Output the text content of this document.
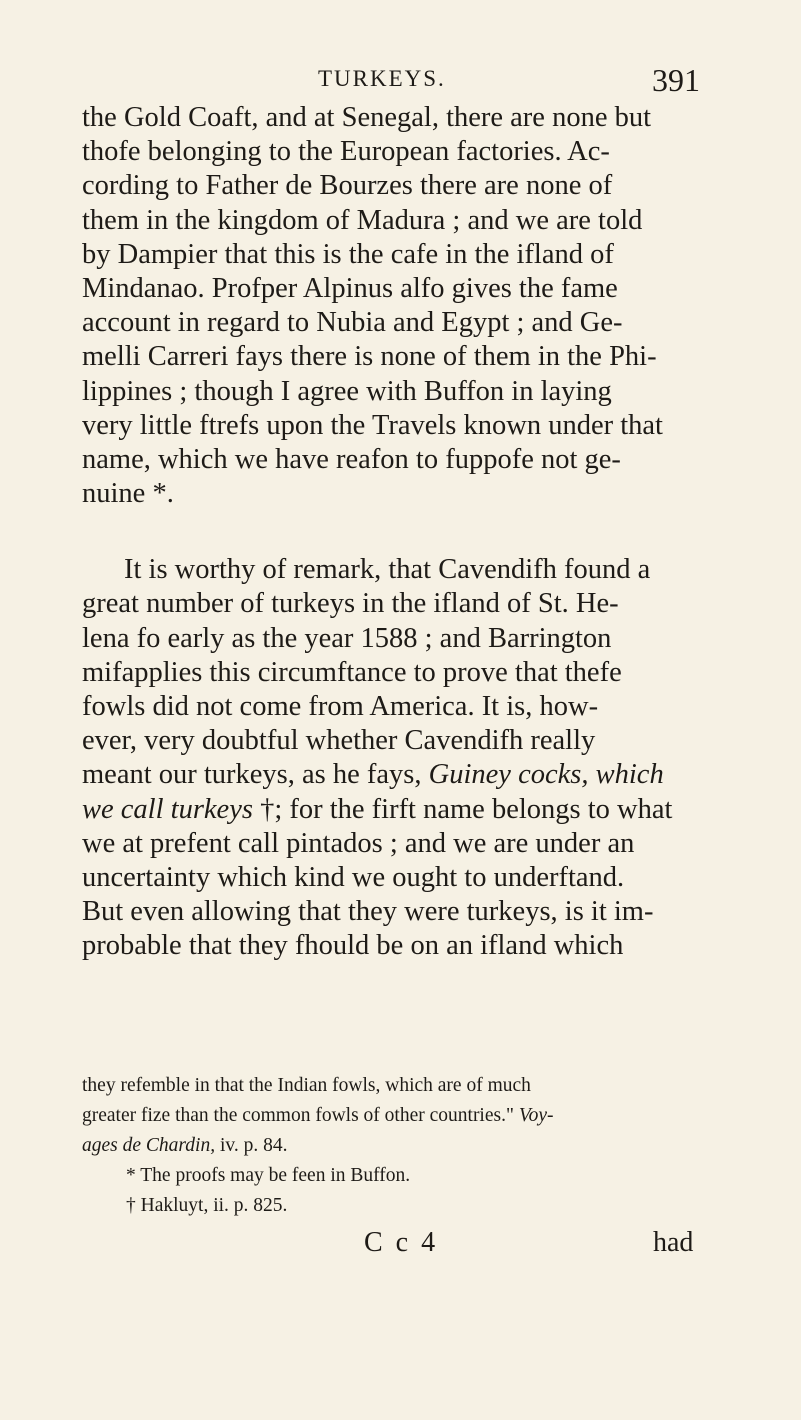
TURKEYS.	391
the Gold Coaft, and at Senegal, there are none but
thofe belonging to the European factories. Ac-
cording to Father de Bourzes there are none of
them in the kingdom of Madura ; and we are told
by Dampier that this is the cafe in the ifland of
Mindanao. Profper Alpinus alfo gives the fame
account in regard to Nubia and Egypt ; and Ge-
melli Carreri fays there is none of them in the Phi-
lippines ; though I agree with Buffon in laying
very little ftrefs upon the Travels known under that
name, which we have reafon to fuppofe not ge-
nuine *.
It is worthy of remark, that Cavendifh found a
great number of turkeys in the ifland of St. He-
lena fo early as the year 1588 ; and Barrington
mifapplies this circumftance to prove that thefe
fowls did not come from America. It is, how-
ever, very doubtful whether Cavendifh really
meant our turkeys, as he fays, Guiney cocks, which
we call turkeys †; for the firft name belongs to what
we at prefent call pintados ; and we are under an
uncertainty which kind we ought to underftand.
But even allowing that they were turkeys, is it im-
probable that they fhould be on an ifland which
they refemble in that the Indian fowls, which are of much
greater fize than the common fowls of other countries." Voy-
ages de Chardin, iv. p. 84.
* The proofs may be feen in Buffon.
† Hakluyt, ii. p. 825.
C c 4	had
